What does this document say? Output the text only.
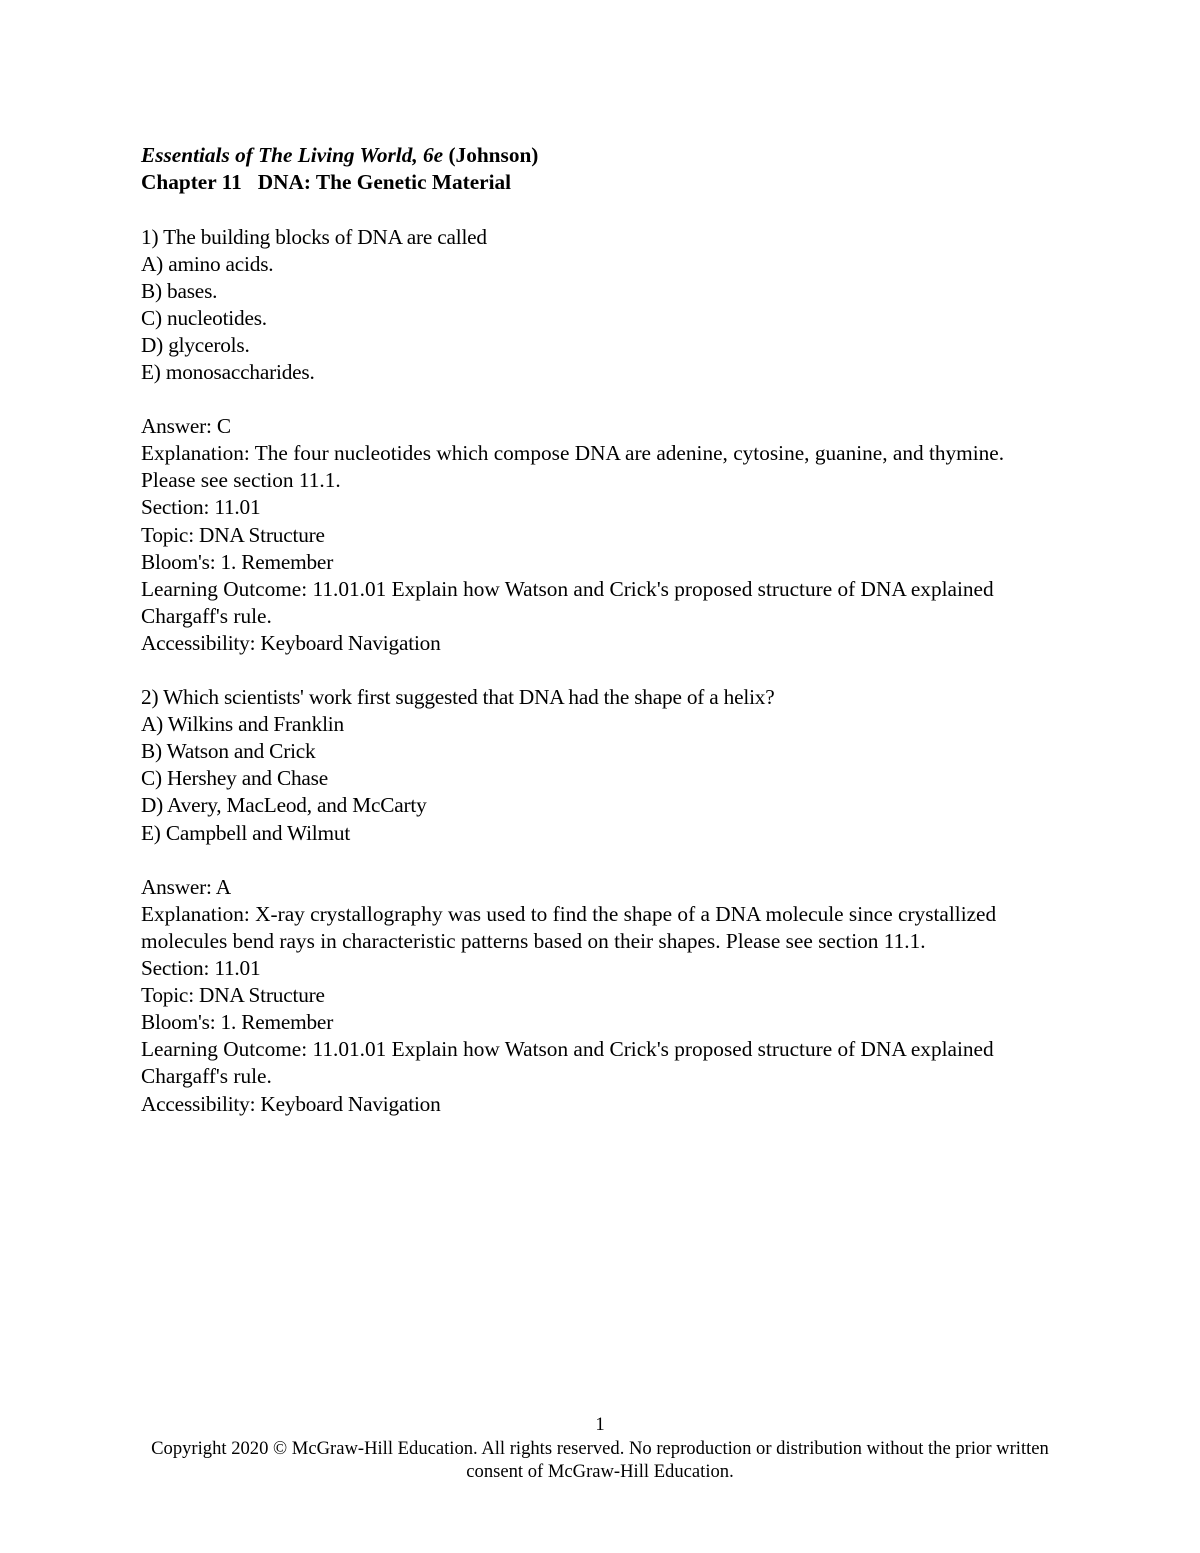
Essentials of The Living World, 6e (Johnson)
Chapter 11 DNA: The Genetic Material
1) The building blocks of DNA are called
A) amino acids.
B) bases.
C) nucleotides.
D) glycerols.
E) monosaccharides.
Answer: C
Explanation: The four nucleotides which compose DNA are adenine, cytosine, guanine, and thymine. Please see section 11.1.
Section: 11.01
Topic: DNA Structure
Bloom's: 1. Remember
Learning Outcome: 11.01.01 Explain how Watson and Crick's proposed structure of DNA explained Chargaff's rule.
Accessibility: Keyboard Navigation
2) Which scientists' work first suggested that DNA had the shape of a helix?
A) Wilkins and Franklin
B) Watson and Crick
C) Hershey and Chase
D) Avery, MacLeod, and McCarty
E) Campbell and Wilmut
Answer: A
Explanation: X-ray crystallography was used to find the shape of a DNA molecule since crystallized molecules bend rays in characteristic patterns based on their shapes. Please see section 11.1.
Section: 11.01
Topic: DNA Structure
Bloom's: 1. Remember
Learning Outcome: 11.01.01 Explain how Watson and Crick's proposed structure of DNA explained Chargaff's rule.
Accessibility: Keyboard Navigation
1
Copyright 2020 © McGraw-Hill Education. All rights reserved. No reproduction or distribution without the prior written consent of McGraw-Hill Education.
